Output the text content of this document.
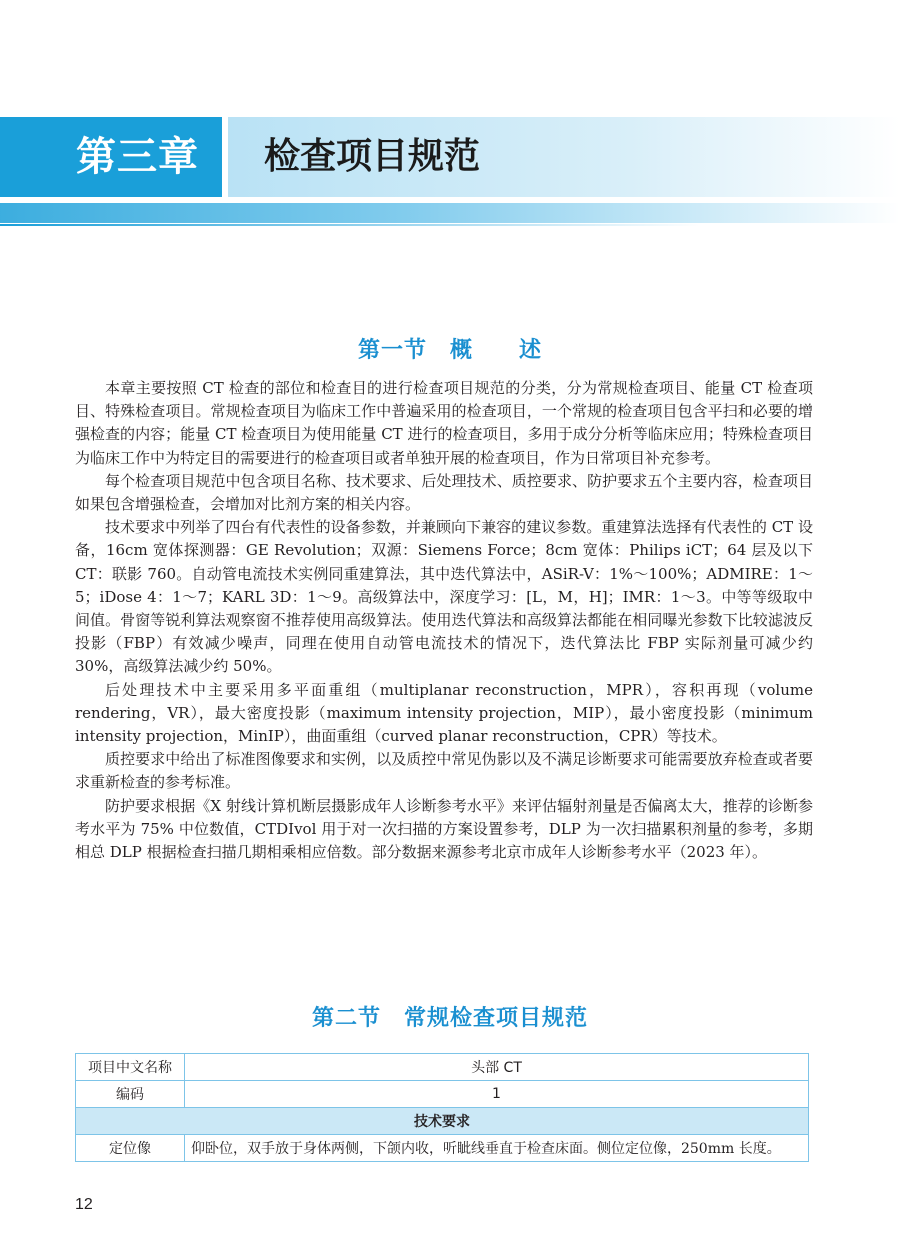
第三章 检查项目规范
第一节　概　　述

本章主要按照 CT 检查的部位和检查目的进行检查项目规范的分类，分为常规检查项目、能量 CT 检查项目、特殊检查项目。常规检查项目为临床工作中普遍采用的检查项目，一个常规的检查项目包含平扫和必要的增强检查的内容；能量 CT 检查项目为使用能量 CT 进行的检查项目，多用于成分分析等临床应用；特殊检查项目为临床工作中为特定目的需要进行的检查项目或者单独开展的检查项目，作为日常项目补充参考。

每个检查项目规范中包含项目名称、技术要求、后处理技术、质控要求、防护要求五个主要内容，检查项目如果包含增强检查，会增加对比剂方案的相关内容。

技术要求中列举了四台有代表性的设备参数，并兼顾向下兼容的建议参数。重建算法选择有代表性的 CT 设备，16cm 宽体探测器：GE Revolution；双源：Siemens Force；8cm 宽体：Philips iCT；64 层及以下 CT：联影 760。自动管电流技术实例同重建算法，其中迭代算法中，ASiR-V：1%～100%；ADMIRE：1～5；iDose 4：1～7；KARL 3D：1～9。高级算法中，深度学习：[L，M，H]；IMR：1～3。中等等级取中间值。骨窗等锐利算法观察窗不推荐使用高级算法。使用迭代算法和高级算法都能在相同曝光参数下比较滤波反投影（FBP）有效减少噪声，同理在使用自动管电流技术的情况下，迭代算法比 FBP 实际剂量可减少约 30%，高级算法减少约 50%。

后处理技术中主要采用多平面重组（multiplanar reconstruction，MPR），容积再现（volume rendering，VR），最大密度投影（maximum intensity projection，MIP），最小密度投影（minimum intensity projection，MinIP），曲面重组（curved planar reconstruction，CPR）等技术。

质控要求中给出了标准图像要求和实例，以及质控中常见伪影以及不满足诊断要求可能需要放弃检查或者要求重新检查的参考标准。

防护要求根据《X 射线计算机断层摄影成年人诊断参考水平》来评估辐射剂量是否偏离太大，推荐的诊断参考水平为 75% 中位数值，CTDIvol 用于对一次扫描的方案设置参考，DLP 为一次扫描累积剂量的参考，多期相总 DLP 根据检查扫描几期相乘相应倍数。部分数据来源参考北京市成年人诊断参考水平（2023 年）。

第二节　常规检查项目规范
项目中文名称	头部 CT
编码	1
技术要求	
定位像	仰卧位，双手放于身体两侧，下颌内收，听眦线垂直于检查床面。侧位定位像，250mm 长度。
12
